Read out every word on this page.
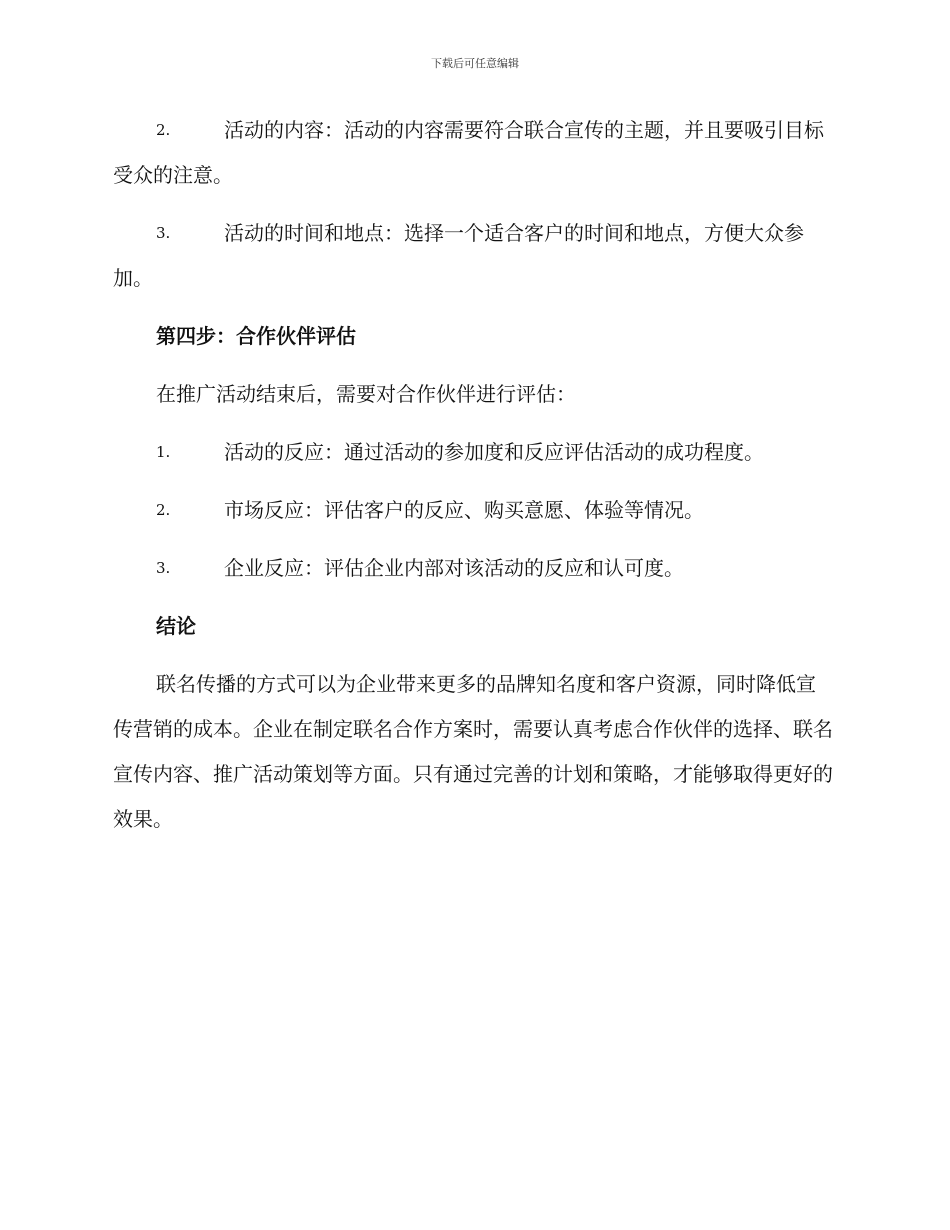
下载后可任意编辑
2.	活动的内容：活动的内容需要符合联合宣传的主题，并且要吸引目标受众的注意。
3.	活动的时间和地点：选择一个适合客户的时间和地点，方便大众参加。
第四步：合作伙伴评估
在推广活动结束后，需要对合作伙伴进行评估：
1.	活动的反应：通过活动的参加度和反应评估活动的成功程度。
2.	市场反应：评估客户的反应、购买意愿、体验等情况。
3.	企业反应：评估企业内部对该活动的反应和认可度。
结论
联名传播的方式可以为企业带来更多的品牌知名度和客户资源，同时降低宣传营销的成本。企业在制定联名合作方案时，需要认真考虑合作伙伴的选择、联名宣传内容、推广活动策划等方面。只有通过完善的计划和策略，才能够取得更好的效果。
